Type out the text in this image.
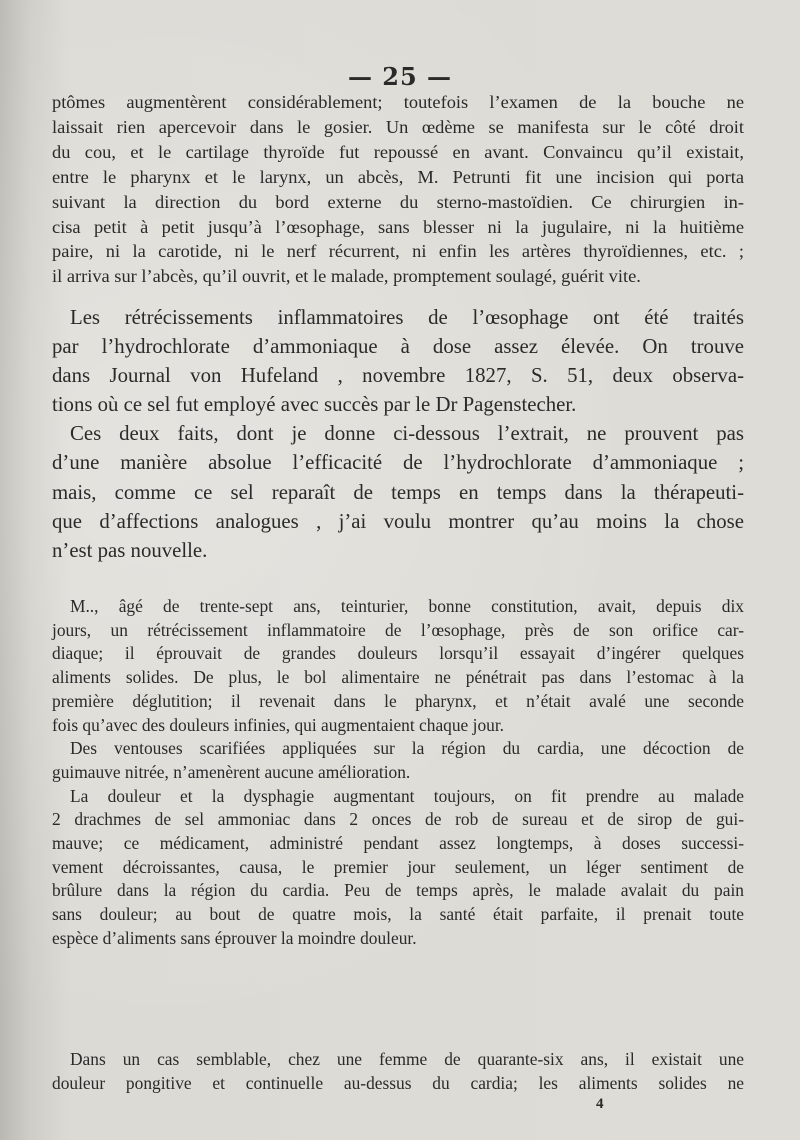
— 25 —
ptômes augmentèrent considérablement; toutefois l’examen de la bouche ne
laissait rien apercevoir dans le gosier. Un œdème se manifesta sur le côté droit
du cou, et le cartilage thyroïde fut repoussé en avant. Convaincu qu’il existait,
entre le pharynx et le larynx, un abcès, M. Petrunti fit une incision qui porta
suivant la direction du bord externe du sterno-mastoïdien. Ce chirurgien in-
cisa petit à petit jusqu’à l’œsophage, sans blesser ni la jugulaire, ni la huitième
paire, ni la carotide, ni le nerf récurrent, ni enfin les artères thyroïdiennes, etc. ;
il arriva sur l’abcès, qu’il ouvrit, et le malade, promptement soulagé, guérit vite.
Les rétrécissements inflammatoires de l’œsophage ont été traités
par l’hydrochlorate d’ammoniaque à dose assez élevée. On trouve
dans Journal von Hufeland , novembre 1827, S. 51, deux observa-
tions où ce sel fut employé avec succès par le Dr Pagenstecher.
Ces deux faits, dont je donne ci-dessous l’extrait, ne prouvent pas
d’une manière absolue l’efficacité de l’hydrochlorate d’ammoniaque ;
mais, comme ce sel reparaît de temps en temps dans la thérapeuti-
que d’affections analogues , j’ai voulu montrer qu’au moins la chose
n’est pas nouvelle.
M.., âgé de trente-sept ans, teinturier, bonne constitution, avait, depuis dix
jours, un rétrécissement inflammatoire de l’œsophage, près de son orifice car-
diaque; il éprouvait de grandes douleurs lorsqu’il essayait d’ingérer quelques
aliments solides. De plus, le bol alimentaire ne pénétrait pas dans l’estomac à la
première déglutition; il revenait dans le pharynx, et n’était avalé une seconde
fois qu’avec des douleurs infinies, qui augmentaient chaque jour.
Des ventouses scarifiées appliquées sur la région du cardia, une décoction de
guimauve nitrée, n’amenèrent aucune amélioration.
La douleur et la dysphagie augmentant toujours, on fit prendre au malade
2 drachmes de sel ammoniac dans 2 onces de rob de sureau et de sirop de gui-
mauve; ce médicament, administré pendant assez longtemps, à doses successi-
vement décroissantes, causa, le premier jour seulement, un léger sentiment de
brûlure dans la région du cardia. Peu de temps après, le malade avalait du pain
sans douleur; au bout de quatre mois, la santé était parfaite, il prenait toute
espèce d’aliments sans éprouver la moindre douleur.
Dans un cas semblable, chez une femme de quarante-six ans, il existait une
douleur pongitive et continuelle au-dessus du cardia; les aliments solides ne
4
